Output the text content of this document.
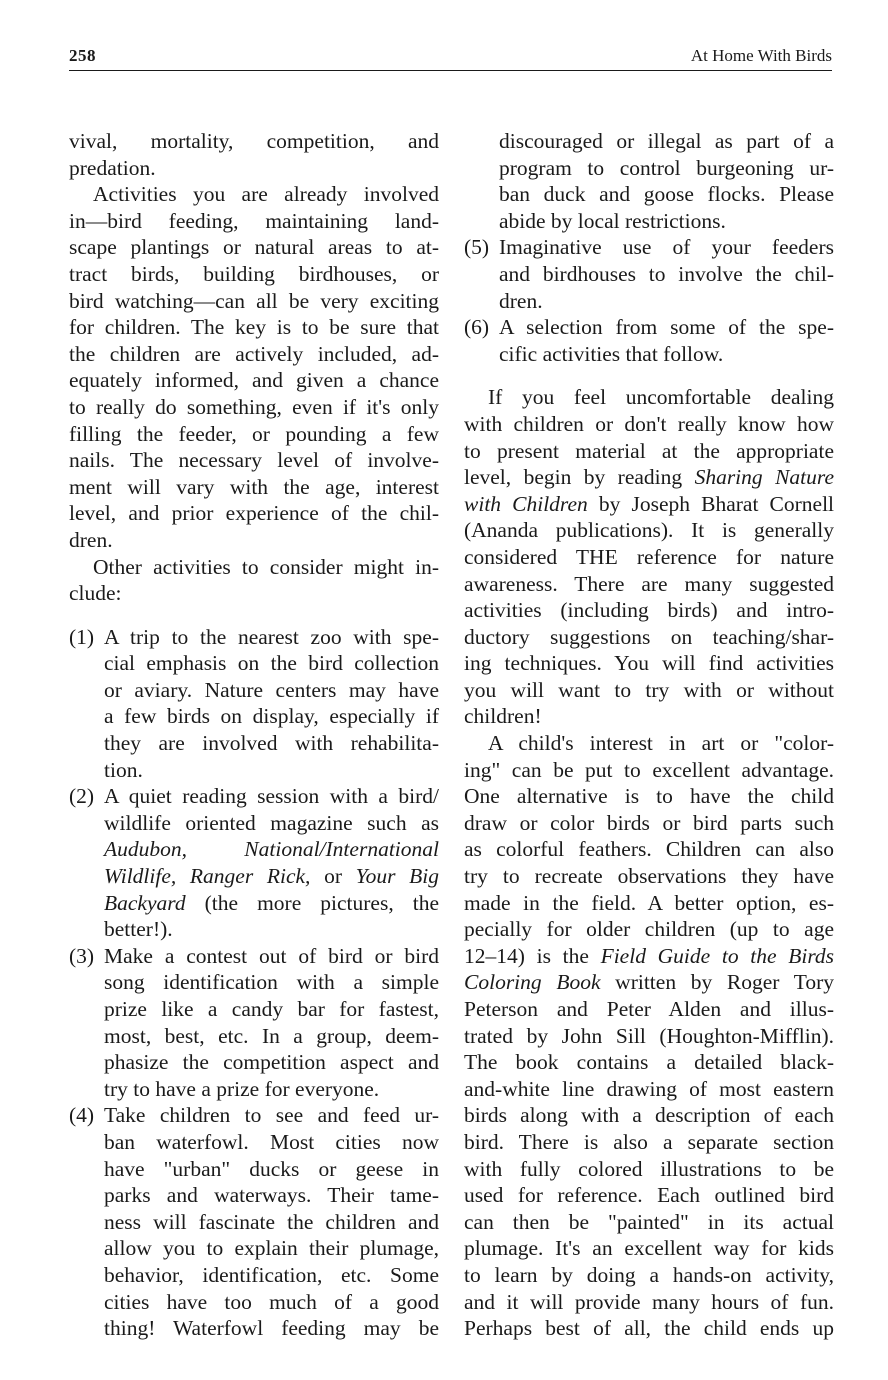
258	At Home With Birds
vival, mortality, competition, and
predation.
Activities you are already involved
in—bird feeding, maintaining land-
scape plantings or natural areas to at-
tract birds, building birdhouses, or
bird watching—can all be very exciting
for children. The key is to be sure that
the children are actively included, ad-
equately informed, and given a chance
to really do something, even if it's only
filling the feeder, or pounding a few
nails. The necessary level of involve-
ment will vary with the age, interest
level, and prior experience of the chil-
dren.
Other activities to consider might in-
clude:
(1) A trip to the nearest zoo with spe-
cial emphasis on the bird collection
or aviary. Nature centers may have
a few birds on display, especially if
they are involved with rehabilita-
tion.
(2) A quiet reading session with a bird/
wildlife oriented magazine such as
Audubon, National/International
Wildlife, Ranger Rick, or Your Big
Backyard (the more pictures, the
better!).
(3) Make a contest out of bird or bird
song identification with a simple
prize like a candy bar for fastest,
most, best, etc. In a group, deem-
phasize the competition aspect and
try to have a prize for everyone.
(4) Take children to see and feed ur-
ban waterfowl. Most cities now
have "urban" ducks or geese in
parks and waterways. Their tame-
ness will fascinate the children and
allow you to explain their plumage,
behavior, identification, etc. Some
cities have too much of a good
thing! Waterfowl feeding may be
discouraged or illegal as part of a
program to control burgeoning ur-
ban duck and goose flocks. Please
abide by local restrictions.
(5) Imaginative use of your feeders
and birdhouses to involve the chil-
dren.
(6) A selection from some of the spe-
cific activities that follow.
If you feel uncomfortable dealing
with children or don't really know how
to present material at the appropriate
level, begin by reading Sharing Nature
with Children by Joseph Bharat Cornell
(Ananda publications). It is generally
considered THE reference for nature
awareness. There are many suggested
activities (including birds) and intro-
ductory suggestions on teaching/shar-
ing techniques. You will find activities
you will want to try with or without
children!
A child's interest in art or "color-
ing" can be put to excellent advantage.
One alternative is to have the child
draw or color birds or bird parts such
as colorful feathers. Children can also
try to recreate observations they have
made in the field. A better option, es-
pecially for older children (up to age
12–14) is the Field Guide to the Birds
Coloring Book written by Roger Tory
Peterson and Peter Alden and illus-
trated by John Sill (Houghton-Mifflin).
The book contains a detailed black-
and-white line drawing of most eastern
birds along with a description of each
bird. There is also a separate section
with fully colored illustrations to be
used for reference. Each outlined bird
can then be "painted" in its actual
plumage. It's an excellent way for kids
to learn by doing a hands-on activity,
and it will provide many hours of fun.
Perhaps best of all, the child ends up
